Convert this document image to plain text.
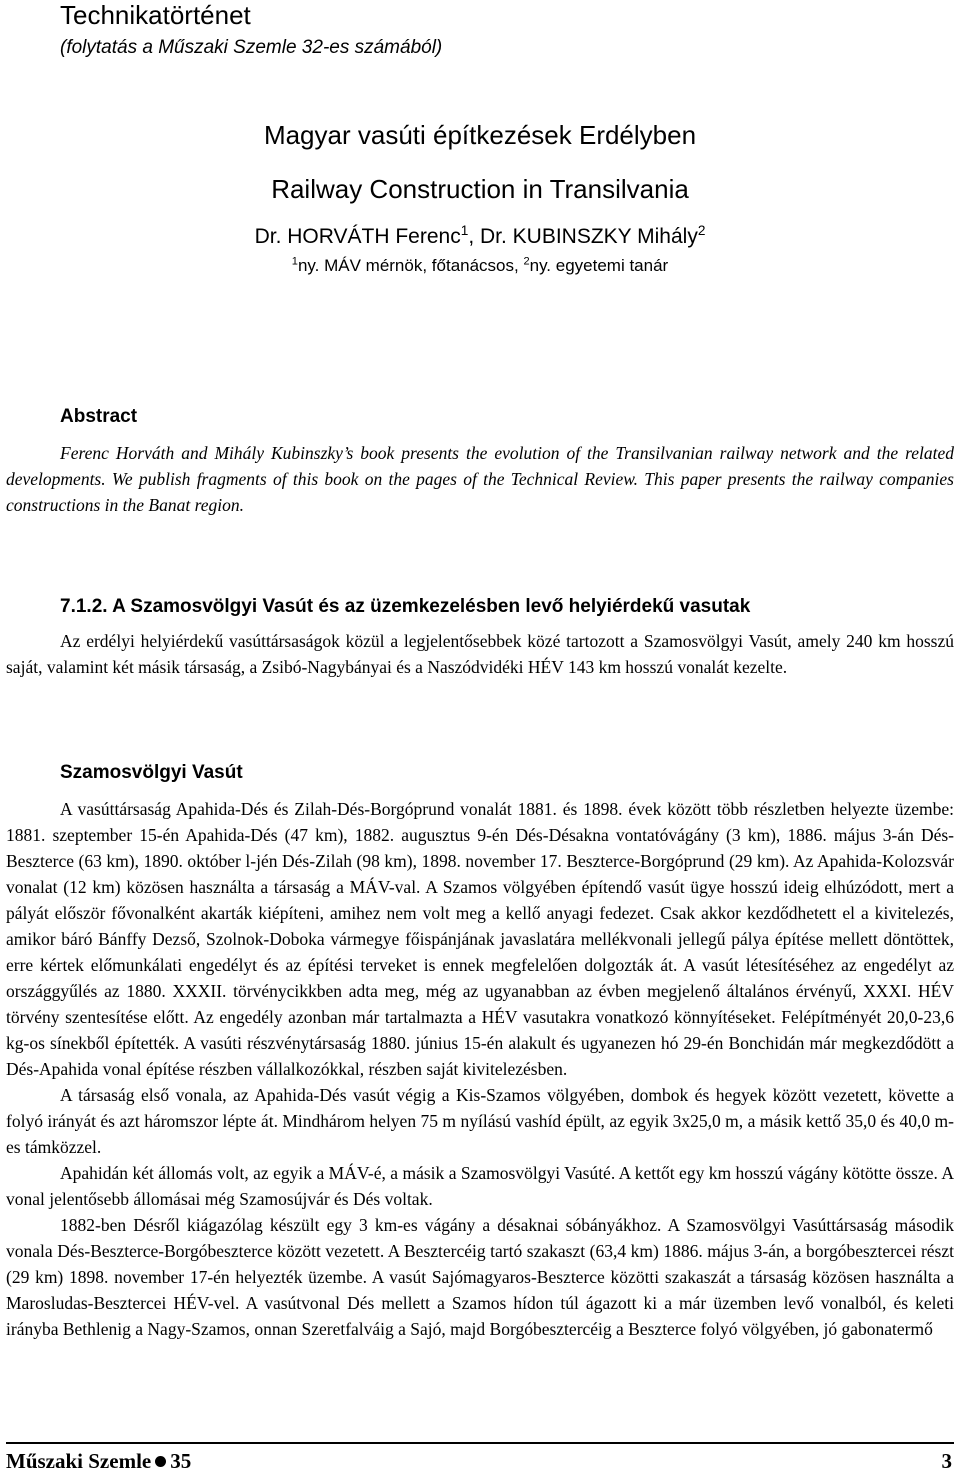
Technikatörténet
(folytatás a Műszaki Szemle 32-es számából)
Magyar vasúti építkezések Erdélyben
Railway Construction in Transilvania
Dr. HORVÁTH Ferenc$^1$, Dr. KUBINSZKY Mihály$^2$
$^1$ny. MÁV mérnök, főtanácsos, $^2$ny. egyetemi tanár
Abstract

Ferenc Horváth and Mihály Kubinszky’s book presents the evolution of the Transilvanian railway network and the related developments. We publish fragments of this book on the pages of the Technical Review. This paper presents the railway companies constructions in the Banat region.

7.1.2. A Szamosvölgyi Vasút és az üzemkezelésben levő helyiérdekű vasutak

Az erdélyi helyiérdekű vasúttársaságok közül a legjelentősebbek közé tartozott a Szamosvölgyi Vasút, amely 240 km hosszú saját, valamint két másik társaság, a Zsibó-Nagybányai és a Naszódvidéki HÉV 143 km hosszú vonalát kezelte.

Szamosvölgyi Vasút

A vasúttársaság Apahida-Dés és Zilah-Dés-Borgóprund vonalát 1881. és 1898. évek között több részletben helyezte üzembe: 1881. szeptember 15-én Apahida-Dés (47 km), 1882. augusztus 9-én Dés-Désakna vontatóvágány (3 km), 1886. május 3-án Dés-Beszterce (63 km), 1890. október l-jén Dés-Zilah (98 km), 1898. november 17. Beszterce-Borgóprund (29 km). Az Apahida-Kolozsvár vonalat (12 km) közösen használta a társaság a MÁV-val. A Szamos völgyében építendő vasút ügye hosszú ideig elhúzódott, mert a pályát először fővonalként akarták kiépíteni, amihez nem volt meg a kellő anyagi fedezet. Csak akkor kezdődhetett el a kivitelezés, amikor báró Bánffy Dezső, Szolnok-Doboka vármegye főispánjának javaslatára mellékvonali jellegű pálya építése mellett döntöttek, erre kértek előmunkálati engedélyt és az építési terveket is ennek megfelelően dolgozták át. A vasút létesítéséhez az engedélyt az országgyűlés az 1880. XXXII. törvénycikkben adta meg, még az ugyanabban az évben megjelenő általános érvényű, XXXI. HÉV törvény szentesítése előtt. Az engedély azonban már tartalmazta a HÉV vasutakra vonatkozó könnyítéseket. Felépítményét 20,0-23,6 kg-os sínekből építették. A vasúti részvénytársaság 1880. június 15-én alakult és ugyanezen hó 29-én Bonchidán már megkezdődött a Dés-Apahida vonal építése részben vállalkozókkal, részben saját kivitelezésben.

A társaság első vonala, az Apahida-Dés vasút végig a Kis-Szamos völgyében, dombok és hegyek között vezetett, követte a folyó irányát és azt háromszor lépte át. Mindhárom helyen 75 m nyílású vashíd épült, az egyik 3x25,0 m, a másik kettő 35,0 és 40,0 m-es támközzel.

Apahidán két állomás volt, az egyik a MÁV-é, a másik a Szamosvölgyi Vasúté. A kettőt egy km hosszú vágány kötötte össze. A vonal jelentősebb állomásai még Szamosújvár és Dés voltak.

1882-ben Désről kiágazólag készült egy 3 km-es vágány a désaknai sóbányákhoz. A Szamosvölgyi Vasúttársaság második vonala Dés-Beszterce-Borgóbeszterce között vezetett. A Besztercéig tartó szakaszt (63,4 km) 1886. május 3-án, a borgóbesztercei részt (29 km) 1898. november 17-én helyezték üzembe. A vasút Sajómagyaros-Beszterce közötti szakaszát a társaság közösen használta a Marosludas-Besztercei HÉV-vel. A vasútvonal Dés mellett a Szamos hídon túl ágazott ki a már üzemben levő vonalból, és keleti irányba Bethlenig a Nagy-Szamos, onnan Szeretfalváig a Sajó, majd Borgóbesztercéig a Beszterce folyó völgyében, jó gabonatermő

Műszaki Szemle 35	3
